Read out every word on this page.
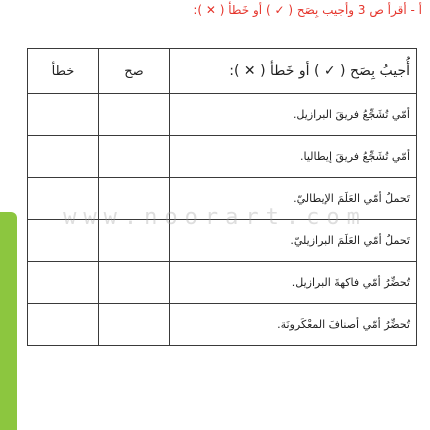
أ - أقرأ ص 3 وأجيب بِصَح ( ✓ ) أو خَطأ ( ✕ ):
أُجيبُ بِصَح ( ✓ ) أو خَطأ ( ✕ ):	صح	خطأ
أمّي تُشَجِّعُ فريقَ البرازيل.		
أمّي تُشَجِّعُ فريقَ إيطاليا.		
تَحملُ أمّي العَلَمَ الإيطاليّ.		
تَحملُ أمّي العَلَمَ البرازيليّ.		
تُحضِّرُ أمّي فاكهةَ البرازيل.		
تُحضِّرُ أمّي أصنافَ المعْكَرونَة.		
www.noorart.com
